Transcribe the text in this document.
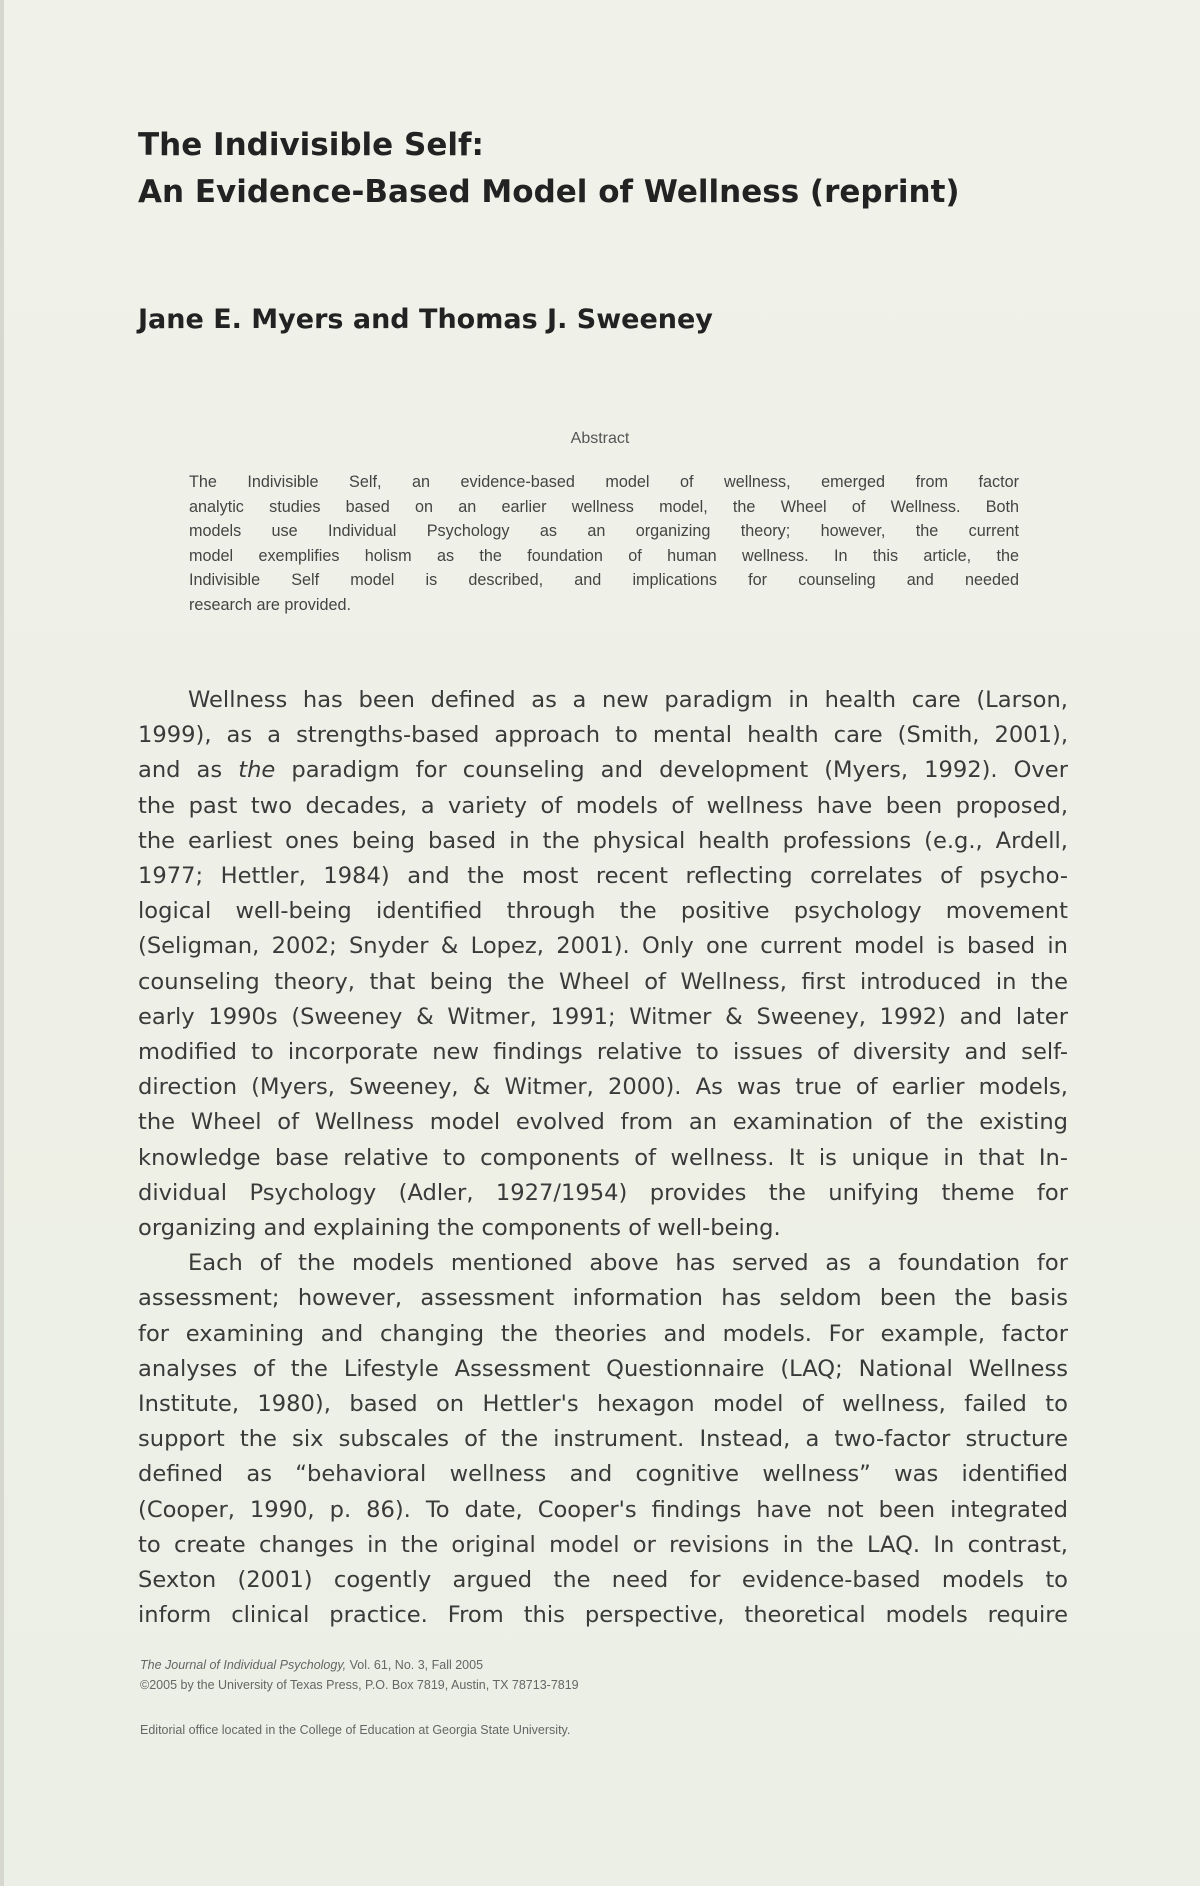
The Indivisible Self:
An Evidence-Based Model of Wellness (reprint)
Jane E. Myers and Thomas J. Sweeney
Abstract
The Indivisible Self, an evidence-based model of wellness, emerged from factor
analytic studies based on an earlier wellness model, the Wheel of Wellness. Both
models use Individual Psychology as an organizing theory; however, the current
model exemplifies holism as the foundation of human wellness. In this article, the
Indivisible Self model is described, and implications for counseling and needed
research are provided.
Wellness has been defined as a new paradigm in health care (Larson,
1999), as a strengths-based approach to mental health care (Smith, 2001),
and as the paradigm for counseling and development (Myers, 1992). Over
the past two decades, a variety of models of wellness have been proposed,
the earliest ones being based in the physical health professions (e.g., Ardell,
1977; Hettler, 1984) and the most recent reflecting correlates of psycho-
logical well-being identified through the positive psychology movement
(Seligman, 2002; Snyder & Lopez, 2001). Only one current model is based in
counseling theory, that being the Wheel of Wellness, first introduced in the
early 1990s (Sweeney & Witmer, 1991; Witmer & Sweeney, 1992) and later
modified to incorporate new findings relative to issues of diversity and self-
direction (Myers, Sweeney, & Witmer, 2000). As was true of earlier models,
the Wheel of Wellness model evolved from an examination of the existing
knowledge base relative to components of wellness. It is unique in that In-
dividual Psychology (Adler, 1927/1954) provides the unifying theme for
organizing and explaining the components of well-being.
Each of the models mentioned above has served as a foundation for
assessment; however, assessment information has seldom been the basis
for examining and changing the theories and models. For example, factor
analyses of the Lifestyle Assessment Questionnaire (LAQ; National Wellness
Institute, 1980), based on Hettler's hexagon model of wellness, failed to
support the six subscales of the instrument. Instead, a two-factor structure
defined as “behavioral wellness and cognitive wellness” was identified
(Cooper, 1990, p. 86). To date, Cooper's findings have not been integrated
to create changes in the original model or revisions in the LAQ. In contrast,
Sexton (2001) cogently argued the need for evidence-based models to
inform clinical practice. From this perspective, theoretical models require
The Journal of Individual Psychology, Vol. 61, No. 3, Fall 2005
©2005 by the University of Texas Press, P.O. Box 7819, Austin, TX 78713-7819
Editorial office located in the College of Education at Georgia State University.
